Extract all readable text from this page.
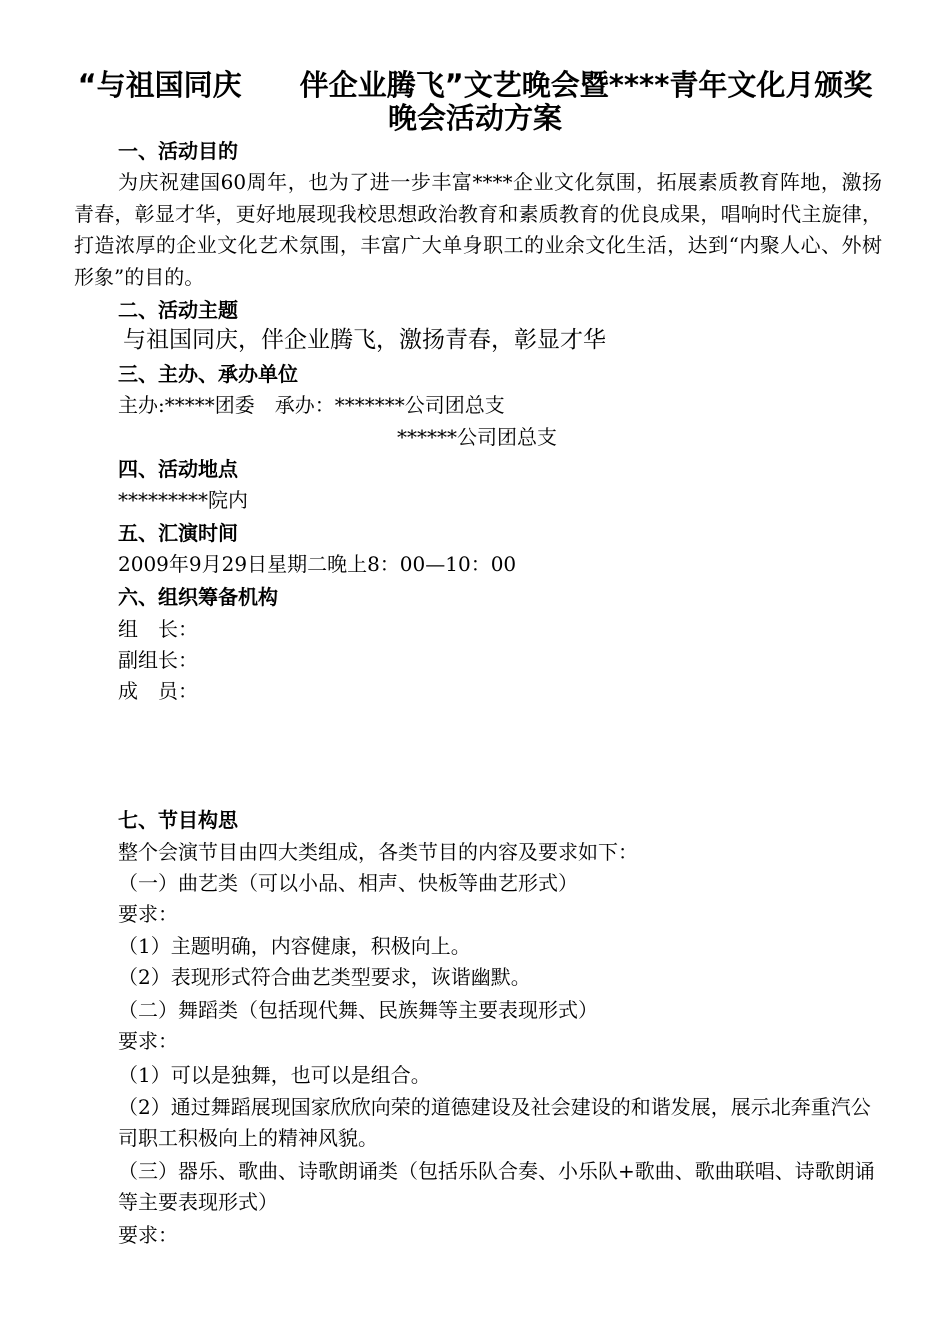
“与祖国同庆　　伴企业腾飞”文艺晚会暨****青年文化月颁奖
晚会活动方案
一、活动目的
为庆祝建国60周年，也为了进一步丰富****企业文化氛围，拓展素质教育阵地，激扬青春，彰显才华，更好地展现我校思想政治教育和素质教育的优良成果，唱响时代主旋律，打造浓厚的企业文化艺术氛围，丰富广大单身职工的业余文化生活，达到“内聚人心、外树形象”的目的。
二、活动主题
与祖国同庆，伴企业腾飞，激扬青春，彰显才华
三、主办、承办单位
主办:*****团委　承办：*******公司团总支
******公司团总支
四、活动地点
*********院内
五、汇演时间
2009年9月29日星期二晚上8：00—10：00
六、组织筹备机构
组　长：
副组长：
成　员：
七、节目构思
整个会演节目由四大类组成，各类节目的内容及要求如下：
（一）曲艺类（可以小品、相声、快板等曲艺形式）
要求：
（1）主题明确，内容健康，积极向上。
（2）表现形式符合曲艺类型要求，诙谐幽默。
（二）舞蹈类（包括现代舞、民族舞等主要表现形式）
要求：
（1）可以是独舞，也可以是组合。
（2）通过舞蹈展现国家欣欣向荣的道德建设及社会建设的和谐发展，展示北奔重汽公司职工积极向上的精神风貌。
（三）器乐、歌曲、诗歌朗诵类（包括乐队合奏、小乐队+歌曲、歌曲联唱、诗歌朗诵等主要表现形式）
要求：
